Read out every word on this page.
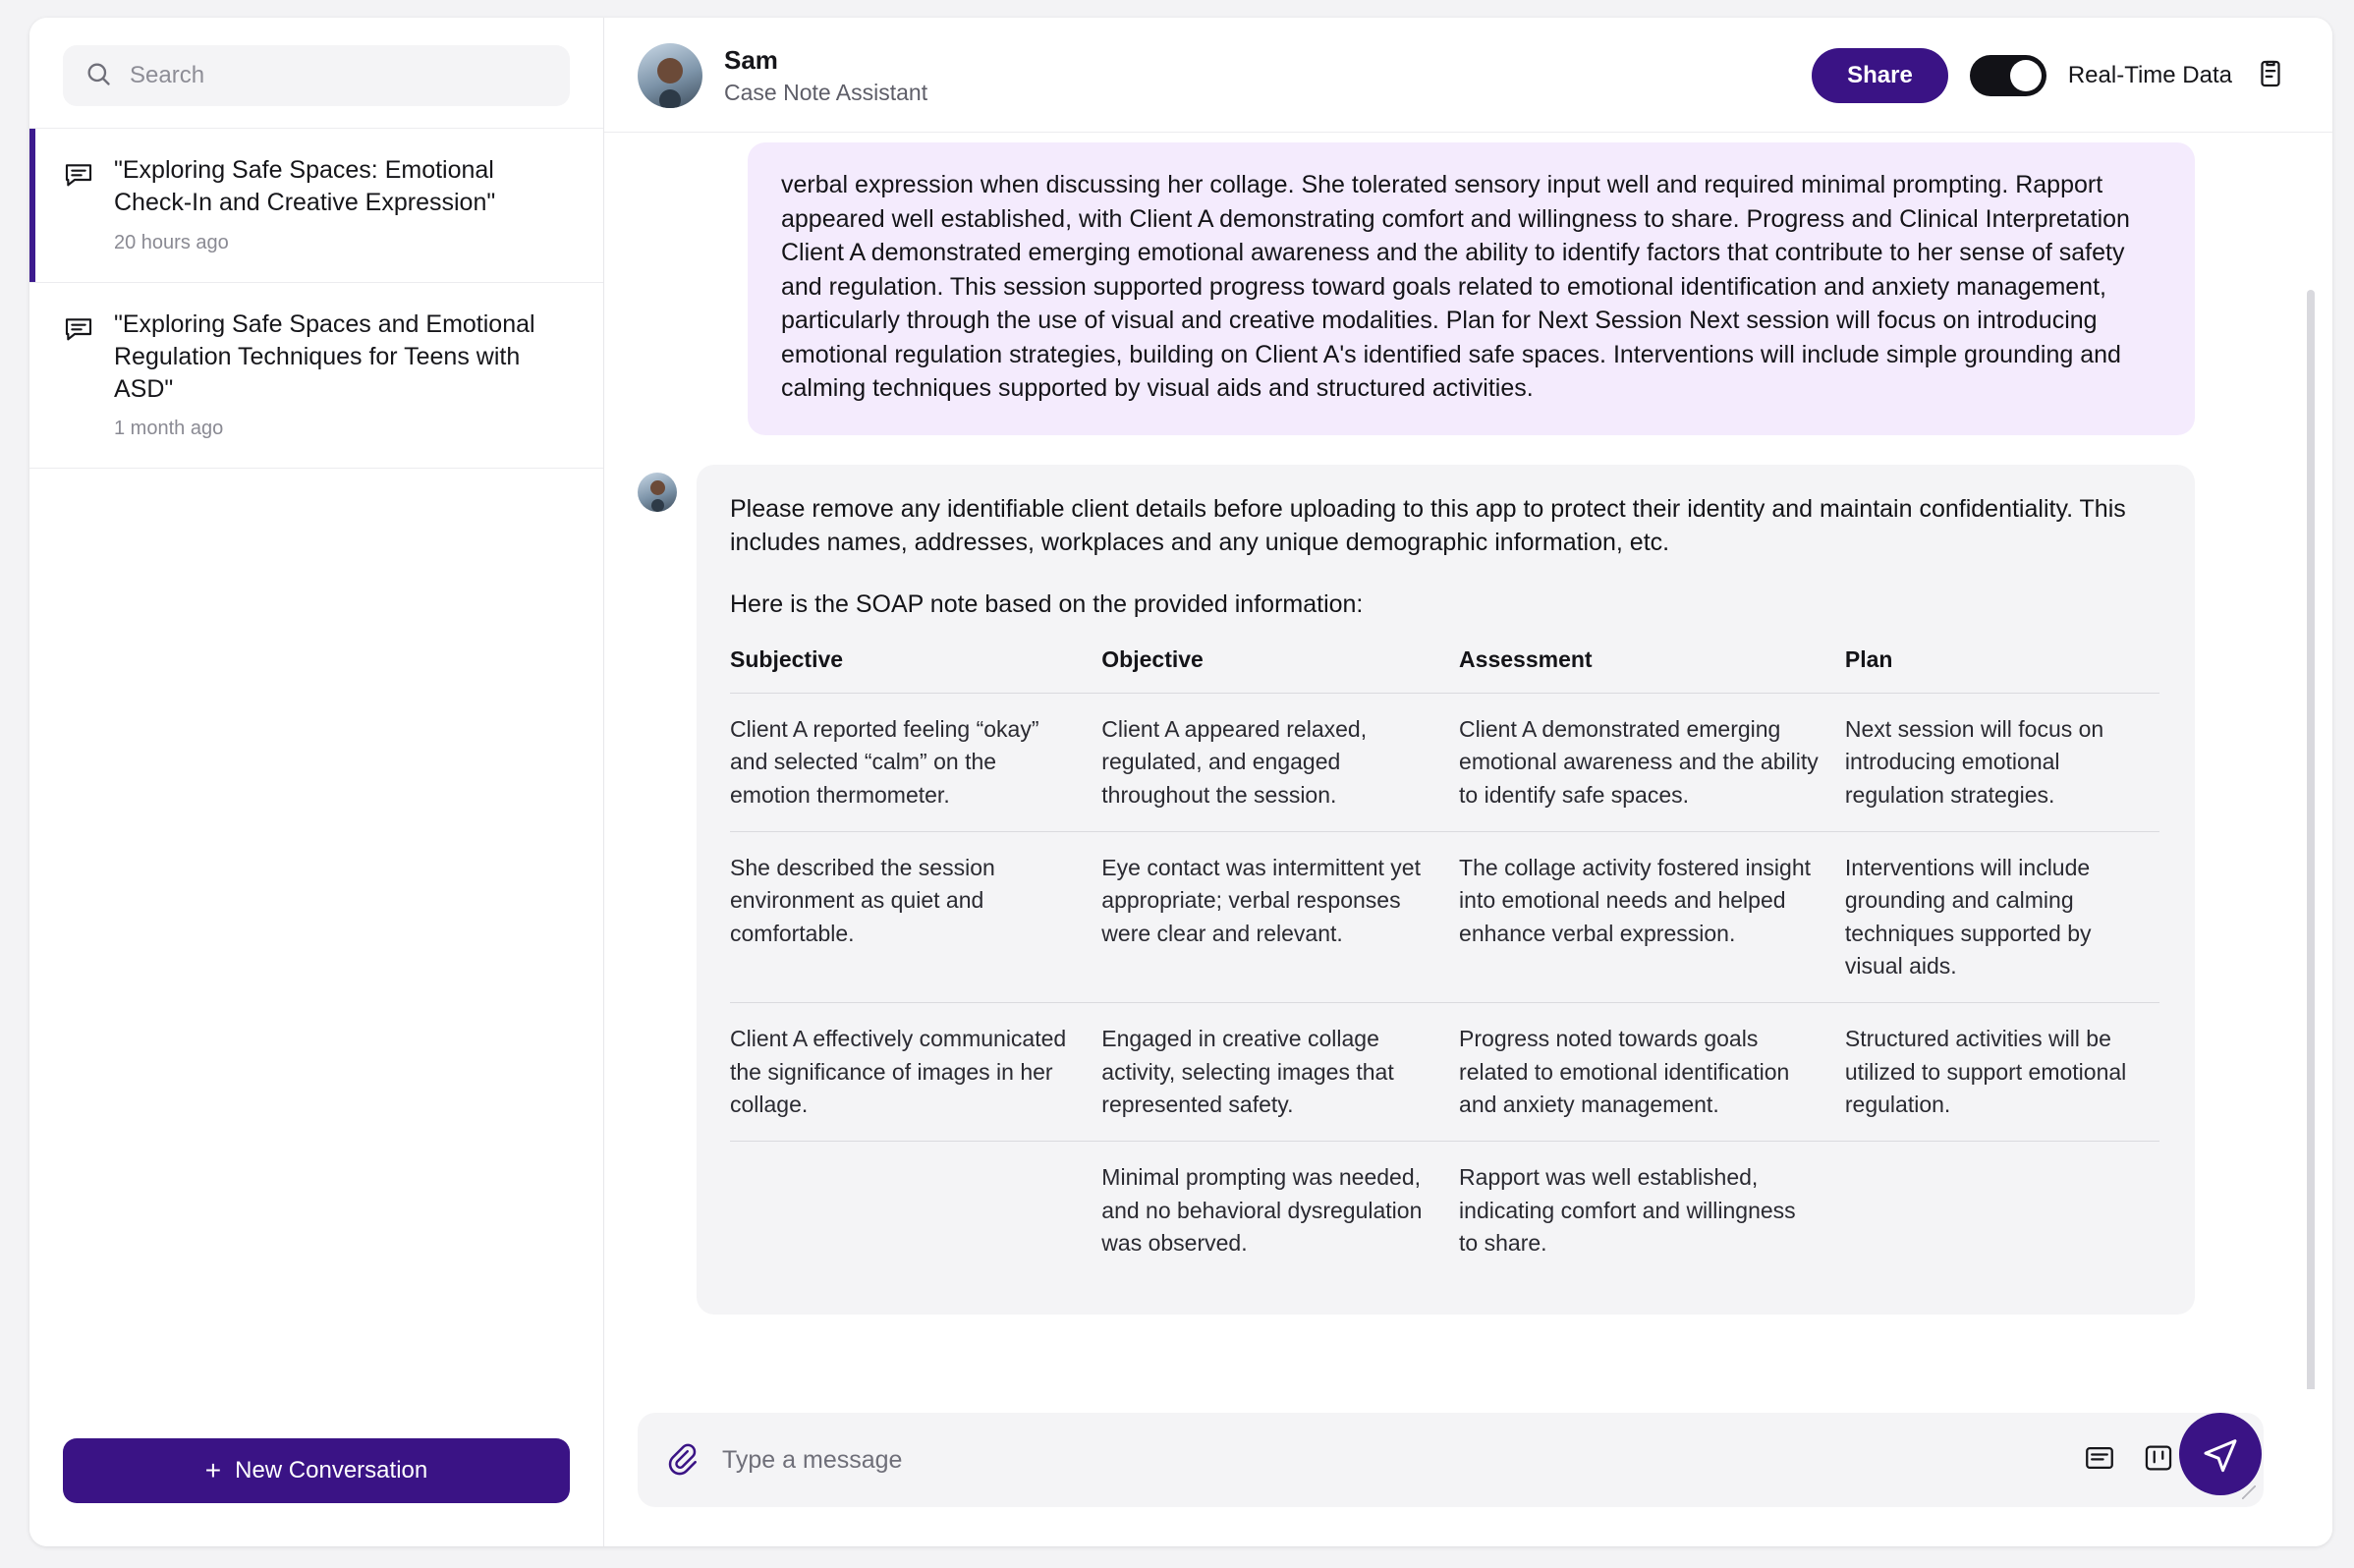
Search
"Exploring Safe Spaces: Emotional Check-In and Creative Expression"
20 hours ago
"Exploring Safe Spaces and Emotional Regulation Techniques for Teens with ASD"
1 month ago
+ New Conversation
Sam
Case Note Assistant
Share	Real-Time Data
verbal expression when discussing her collage. She tolerated sensory input well and required minimal prompting. Rapport appeared well established, with Client A demonstrating comfort and willingness to share. Progress and Clinical Interpretation Client A demonstrated emerging emotional awareness and the ability to identify factors that contribute to her sense of safety and regulation. This session supported progress toward goals related to emotional identification and anxiety management, particularly through the use of visual and creative modalities. Plan for Next Session Next session will focus on introducing emotional regulation strategies, building on Client A's identified safe spaces. Interventions will include simple grounding and calming techniques supported by visual aids and structured activities.

Please remove any identifiable client details before uploading to this app to protect their identity and maintain confidentiality. This includes names, addresses, workplaces and any unique demographic information, etc.

Here is the SOAP note based on the provided information:

Subjective	Objective	Assessment	Plan
Client A reported feeling “okay” and selected “calm” on the emotion thermometer.	Client A appeared relaxed, regulated, and engaged throughout the session.	Client A demonstrated emerging emotional awareness and the ability to identify safe spaces.	Next session will focus on introducing emotional regulation strategies.
She described the session environment as quiet and comfortable.	Eye contact was intermittent yet appropriate; verbal responses were clear and relevant.	The collage activity fostered insight into emotional needs and helped enhance verbal expression.	Interventions will include grounding and calming techniques supported by visual aids.
Client A effectively communicated the significance of images in her collage.	Engaged in creative collage activity, selecting images that represented safety.	Progress noted towards goals related to emotional identification and anxiety management.	Structured activities will be utilized to support emotional regulation.
	Minimal prompting was needed, and no behavioral dysregulation was observed.	Rapport was well established, indicating comfort and willingness to share.	
Type a message
